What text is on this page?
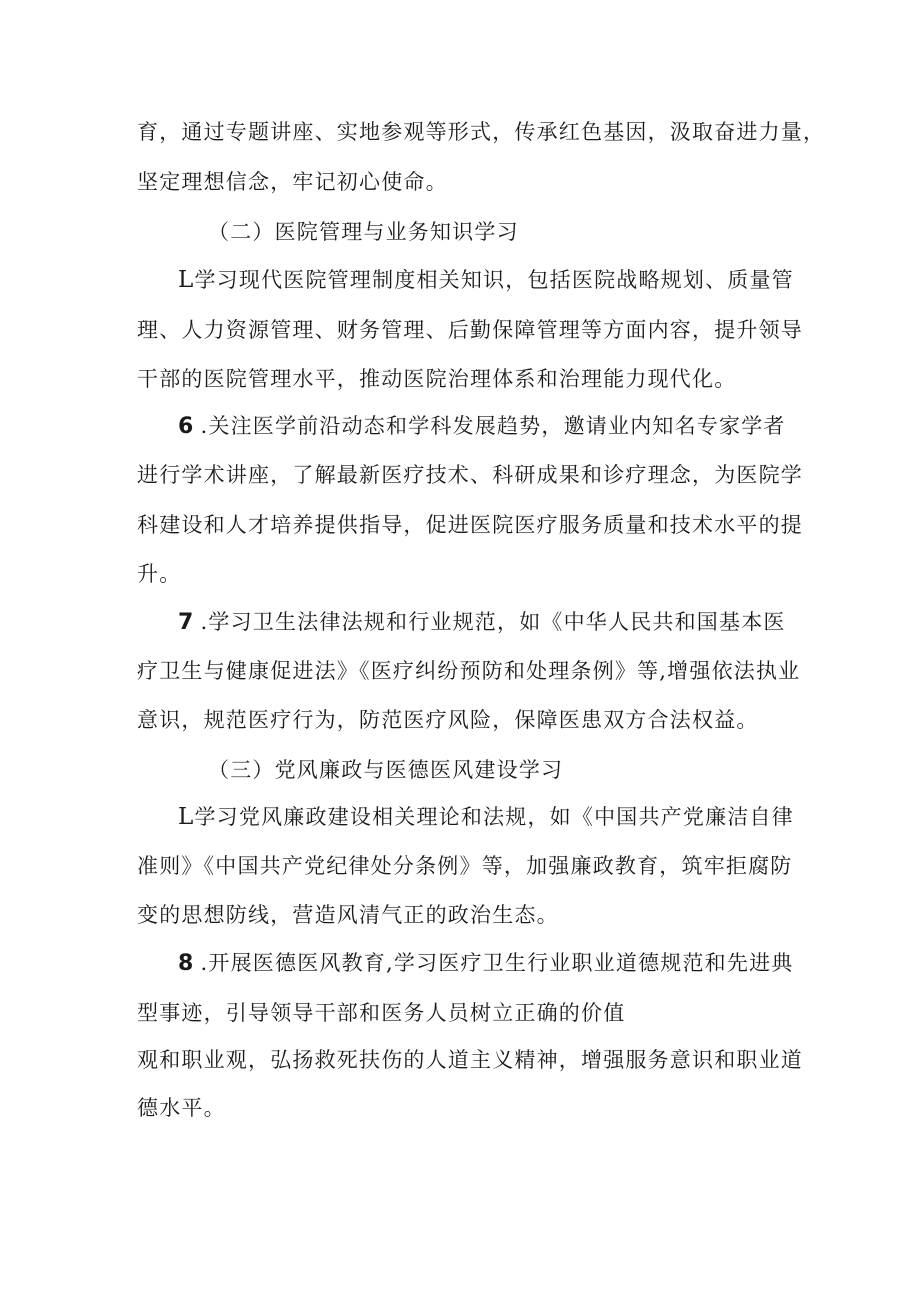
育，通过专题讲座、实地参观等形式，传承红色基因，汲取奋进力量，
坚定理想信念，牢记初心使命。
（二）医院管理与业务知识学习
L学习现代医院管理制度相关知识，包括医院战略规划、质量管
理、人力资源管理、财务管理、后勤保障管理等方面内容，提升领导
干部的医院管理水平，推动医院治理体系和治理能力现代化。
6 .关注医学前沿动态和学科发展趋势，邀请业内知名专家学者
进行学术讲座，了解最新医疗技术、科研成果和诊疗理念，为医院学
科建设和人才培养提供指导，促进医院医疗服务质量和技术水平的提
升。
7 .学习卫生法律法规和行业规范，如《中华人民共和国基本医
疗卫生与健康促进法》《医疗纠纷预防和处理条例》等,增强依法执业
意识，规范医疗行为，防范医疗风险，保障医患双方合法权益。
（三）党风廉政与医德医风建设学习
L学习党风廉政建设相关理论和法规，如《中国共产党廉洁自律
准则》《中国共产党纪律处分条例》等，加强廉政教育，筑牢拒腐防
变的思想防线，营造风清气正的政治生态。
8 .开展医德医风教育,学习医疗卫生行业职业道德规范和先进典
型事迹，引导领导干部和医务人员树立正确的价值
观和职业观，弘扬救死扶伤的人道主义精神，增强服务意识和职业道
德水平。
